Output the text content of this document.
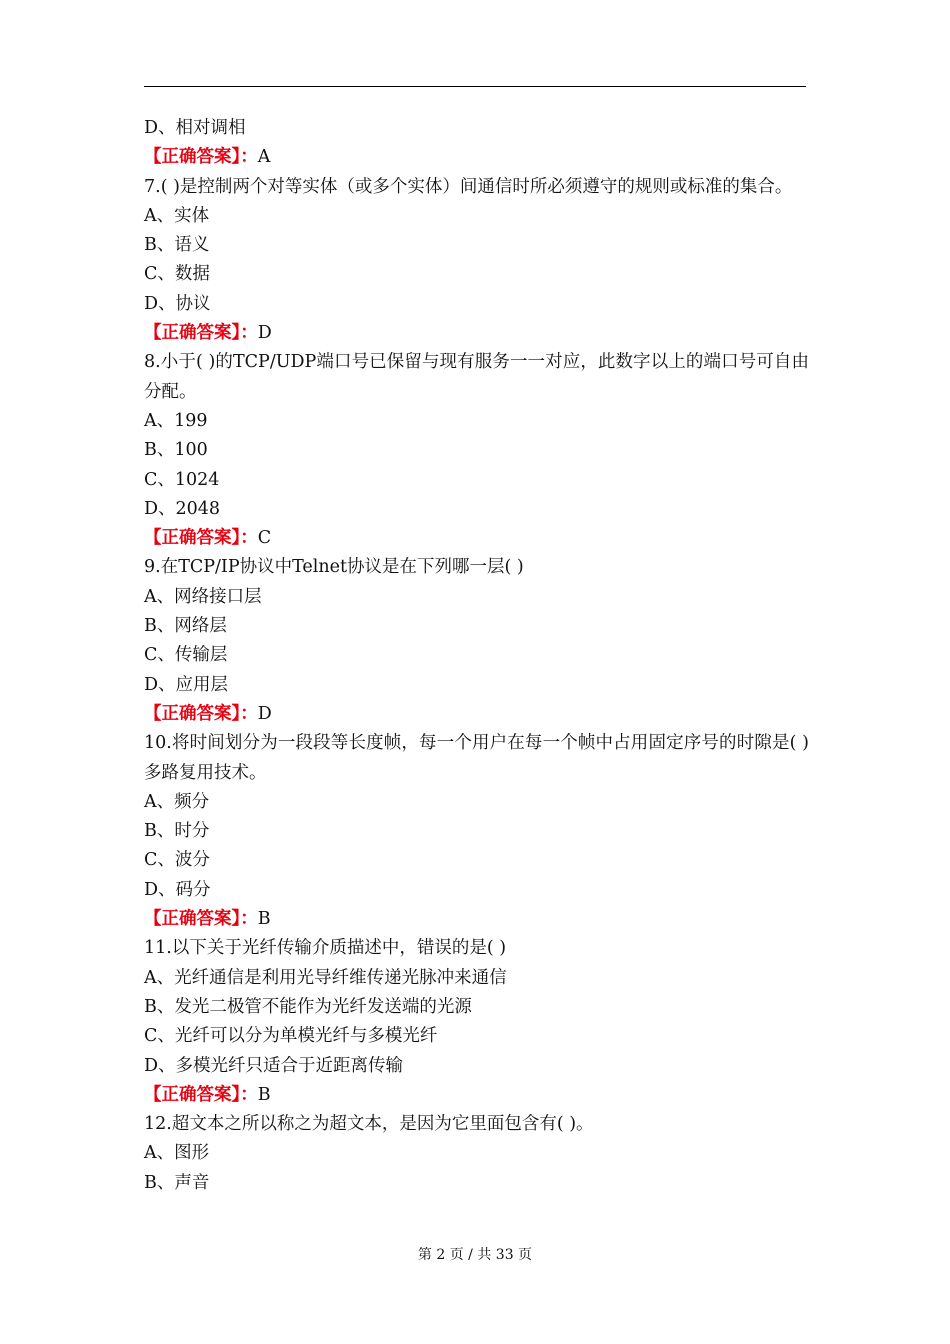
D、相对调相
【正确答案】：A
7.( )是控制两个对等实体（或多个实体）间通信时所必须遵守的规则或标准的集合。
A、实体
B、语义
C、数据
D、协议
【正确答案】：D
8.小于( )的TCP/UDP端口号已保留与现有服务一一对应，此数字以上的端口号可自由分配。
A、199
B、100
C、1024
D、2048
【正确答案】：C
9.在TCP/IP协议中Telnet协议是在下列哪一层( )
A、网络接口层
B、网络层
C、传输层
D、应用层
【正确答案】：D
10.将时间划分为一段段等长度帧，每一个用户在每一个帧中占用固定序号的时隙是( )多路复用技术。
A、频分
B、时分
C、波分
D、码分
【正确答案】：B
11.以下关于光纤传输介质描述中，错误的是( )
A、光纤通信是利用光导纤维传递光脉冲来通信
B、发光二极管不能作为光纤发送端的光源
C、光纤可以分为单模光纤与多模光纤
D、多模光纤只适合于近距离传输
【正确答案】：B
12.超文本之所以称之为超文本，是因为它里面包含有( )。
A、图形
B、声音
第 2 页 / 共 33 页
